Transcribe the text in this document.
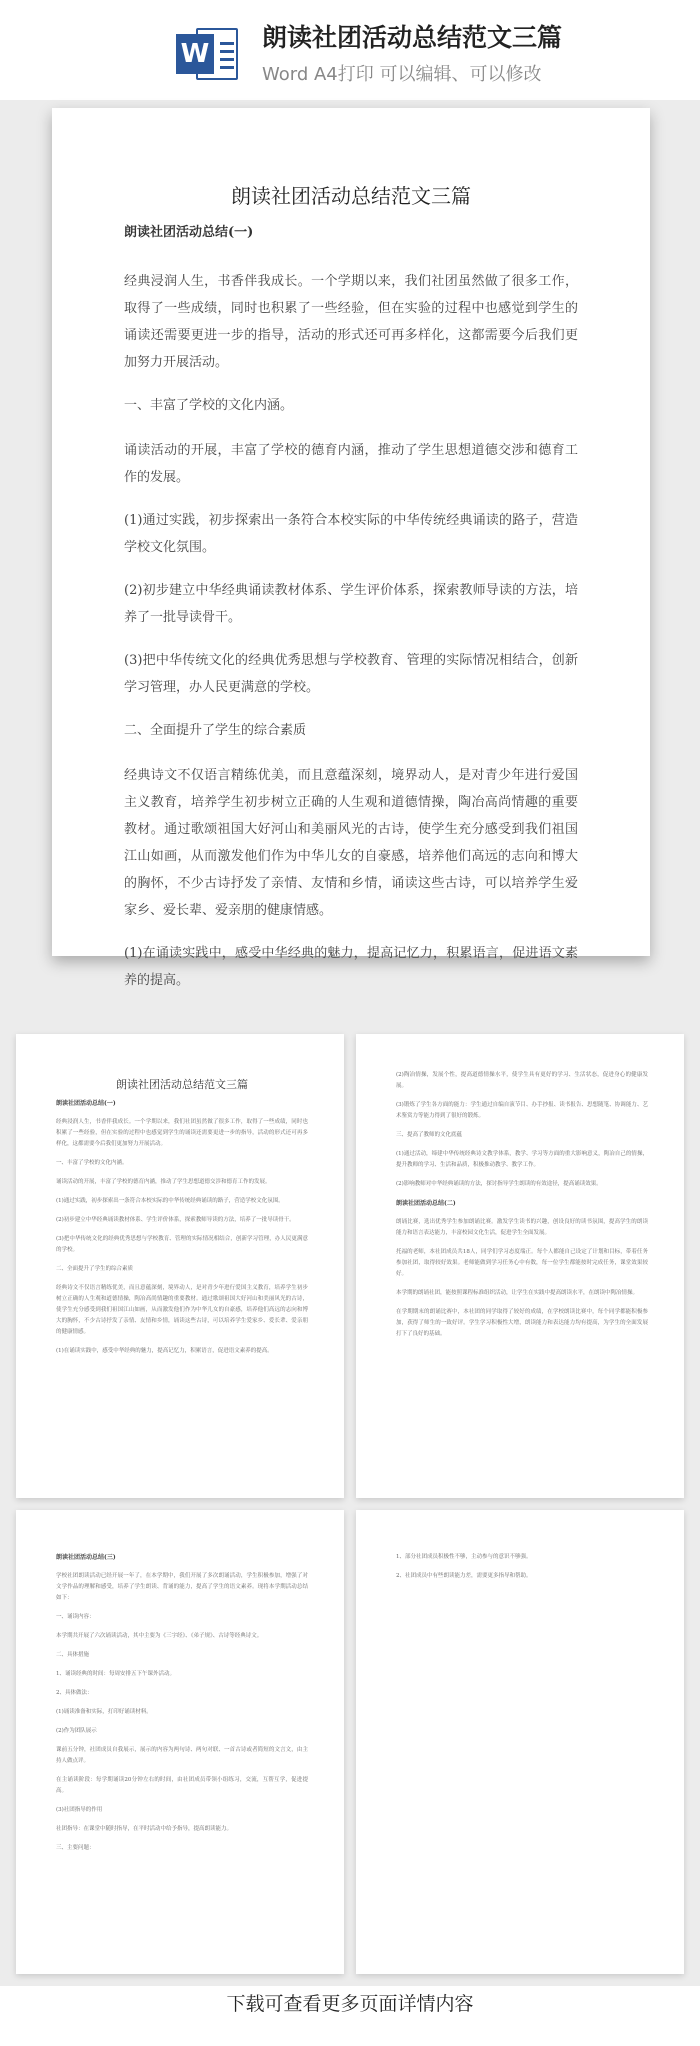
W
朗读社团活动总结范文三篇
Word A4打印 可以编辑、可以修改
朗读社团活动总结范文三篇
朗读社团活动总结(一)
经典浸润人生，书香伴我成长。一个学期以来，我们社团虽然做了很多工作，取得了一些成绩，同时也积累了一些经验，但在实验的过程中也感觉到学生的诵读还需要更进一步的指导，活动的形式还可再多样化，这都需要今后我们更加努力开展活动。
一、丰富了学校的文化内涵。
诵读活动的开展，丰富了学校的德育内涵，推动了学生思想道德交涉和德育工作的发展。
(1)通过实践，初步探索出一条符合本校实际的中华传统经典诵读的路子，营造学校文化氛围。
(2)初步建立中华经典诵读教材体系、学生评价体系，探索教师导读的方法，培养了一批导读骨干。
(3)把中华传统文化的经典优秀思想与学校教育、管理的实际情况相结合，创新学习管理，办人民更满意的学校。
二、全面提升了学生的综合素质
经典诗文不仅语言精练优美，而且意蕴深刻，境界动人，是对青少年进行爱国主义教育，培养学生初步树立正确的人生观和道德情操，陶冶高尚情趣的重要教材。通过歌颂祖国大好河山和美丽风光的古诗，使学生充分感受到我们祖国江山如画，从而激发他们作为中华儿女的自豪感，培养他们高远的志向和博大的胸怀，不少古诗抒发了亲情、友情和乡情，诵读这些古诗，可以培养学生爱家乡、爱长辈、爱亲朋的健康情感。
(1)在诵读实践中，感受中华经典的魅力，提高记忆力，积累语言，促进语文素养的提高。
朗读社团活动总结范文三篇
朗读社团活动总结(一)
经典浸润人生，书香伴我成长。一个学期以来，我们社团虽然做了很多工作，取得了一些成绩，同时也积累了一些经验，但在实验的过程中也感觉到学生的诵读还需要更进一步的指导，活动的形式还可再多样化，这都需要今后我们更加努力开展活动。
一、丰富了学校的文化内涵。
诵读活动的开展，丰富了学校的德育内涵，推动了学生思想道德交涉和德育工作的发展。
(1)通过实践，初步探索出一条符合本校实际的中华传统经典诵读的路子，营造学校文化氛围。
(2)初步建立中华经典诵读教材体系、学生评价体系，探索教师导读的方法，培养了一批导读骨干。
(3)把中华传统文化的经典优秀思想与学校教育、管理的实际情况相结合，创新学习管理，办人民更满意的学校。
二、全面提升了学生的综合素质
经典诗文不仅语言精练优美，而且意蕴深刻，境界动人，是对青少年进行爱国主义教育，培养学生初步树立正确的人生观和道德情操，陶冶高尚情趣的重要教材。通过歌颂祖国大好河山和美丽风光的古诗，使学生充分感受到我们祖国江山如画，从而激发他们作为中华儿女的自豪感，培养他们高远的志向和博大的胸怀，不少古诗抒发了亲情、友情和乡情，诵读这些古诗，可以培养学生爱家乡、爱长辈、爱亲朋的健康情感。
(1)在诵读实践中，感受中华经典的魅力，提高记忆力，积累语言，促进语文素养的提高。
(2)陶冶情操，发展个性，提高道德情操水平，使学生具有更好的学习、生活状态，促进身心的健康发展。
(3)锻炼了学生各方面的能力：学生通过自编自演节目、办手抄报、读书报告、思想随笔、协调能力、艺术鉴赏力等能力得到了很好的锻炼。
三、提高了教师的文化底蕴
(1)通过活动，缔建中华传统经典诗文教学体系，教学、学习等方面的重大影响意义，陶冶自己的情操，提升教师的学习、生活和品质，积极推动教学、教学工作。
(2)影响教师对中华经典诵读的方法，探讨指导学生朗读的有效途径，提高诵读效果。
朗读社团活动总结(二)
朗诵比赛，选出优秀学生参加朗诵比赛。激发学生读书的兴趣，创设良好的读书氛围，提高学生的朗读能力和语言表达能力，丰富校园文化生活，促进学生全面发展。
托福的老师，本社团成员共18人，同学们学习态度端正。每个人都能自己设定了计划和目标，带着任务参加社团，取得较好效果。老师能做到学习任务心中有数，每一位学生都能按时完成任务，课堂效果较好。
本学期的朗诵社团，能按照课程标准组织活动，让学生在实践中提高朗读水平，在朗读中陶冶情操。
在学期期末的朗诵比赛中，本社团的同学取得了较好的成绩，在学校朗读比赛中，每个同学都能积极参加，获得了师生的一致好评。学生学习积极性大增，朗读能力和表达能力均有提高，为学生的全面发展打下了良好的基础。
朗读社团活动总结(三)
学校社团朗读活动已经开展一年了，在本学期中，我们开展了多次朗诵活动，学生积极参加，增强了对文学作品的理解和感受，培养了学生朗读、背诵的能力，提高了学生的语文素养。现将本学期活动总结如下：
一、诵读内容：
本学期共开展了六次诵读活动，其中主要为《三字经》、《弟子规》、古诗等经典诗文。
二、具体措施
1、诵读经典的时间：每周安排五下午课外活动。
2、具体做法：
(1)诵读准备和实际，打印好诵读材料。
(2)作为团队展示
课前五分钟，社团成员自我展示，展示的内容为两句诗、两句对联、一首古诗或者简短的文言文，由主持人做点评。
在主诵读阶段：每学期诵读20分钟左右的时间，由社团成员带领小组练习，交流，互帮互学，促进提高。
(3)社团指导的作用
社团指导：在课堂中随时指导，在平时活动中给予指导，提高朗读能力。
三、主要问题：
1、部分社团成员积极性不够，主动参与的意识不够强。
2、社团成员中有些朗读能力差，需要更多指导和帮助。
下载可查看更多页面详情内容
